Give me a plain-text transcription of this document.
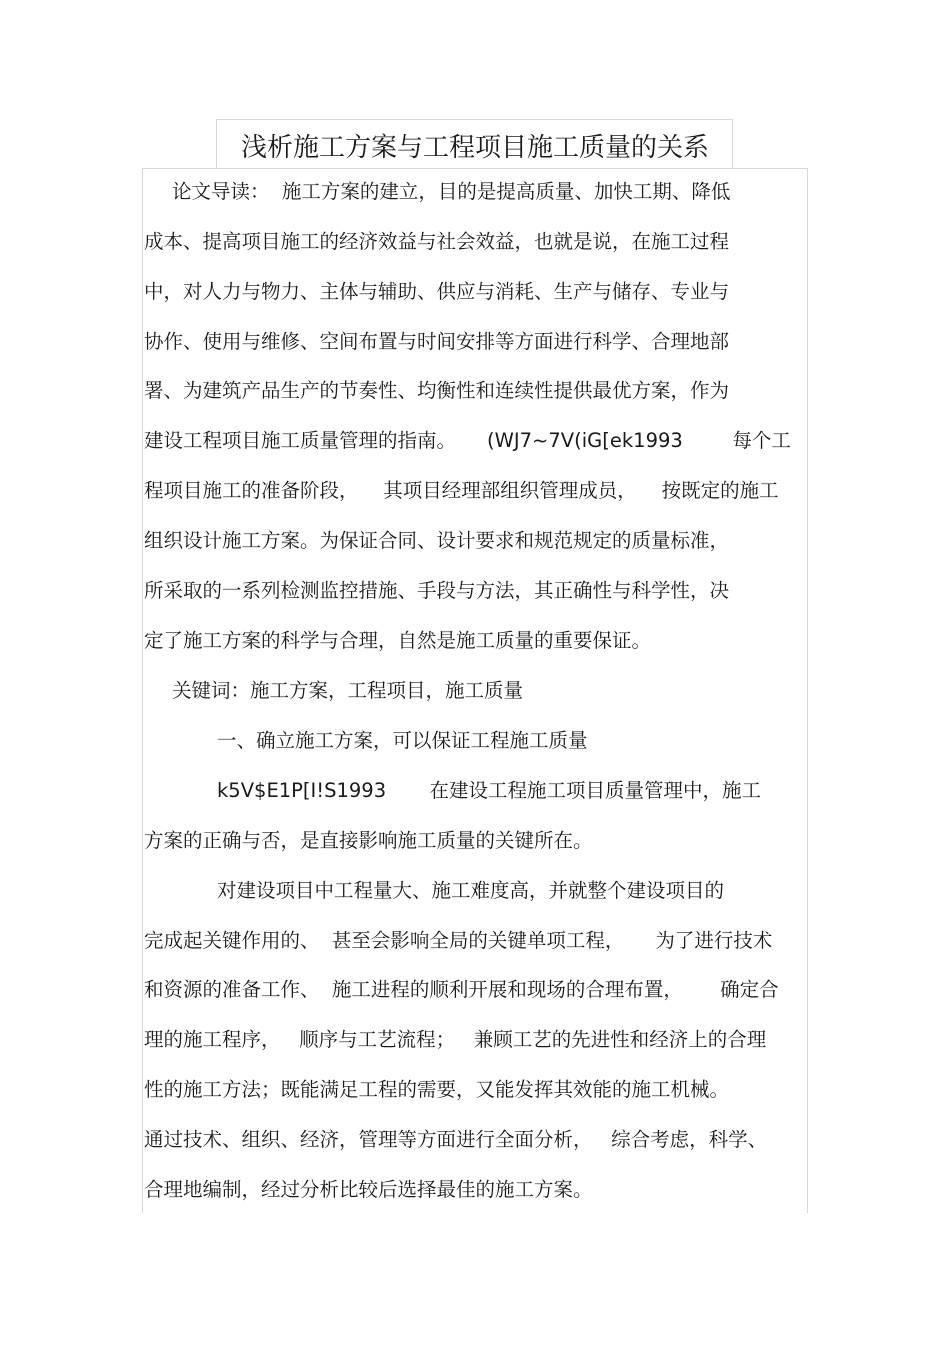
浅析施工方案与工程项目施工质量的关系
论文导读：  施工方案的建立，目的是提高质量、加快工期、降低
成本、提高项目施工的经济效益与社会效益，也就是说，在施工过程
中，对人力与物力、主体与辅助、供应与消耗、生产与储存、专业与
协作、使用与维修、空间布置与时间安排等方面进行科学、合理地部
署、为建筑产品生产的节奏性、均衡性和连续性提供最优方案，作为
建设工程项目施工质量管理的指南。     (WJ7~7V(iG[ek1993        每个工
程项目施工的准备阶段，    其项目经理部组织管理成员，    按既定的施工
组织设计施工方案。为保证合同、设计要求和规范规定的质量标准，
所采取的一系列检测监控措施、手段与方法，其正确性与科学性，决
定了施工方案的科学与合理，自然是施工质量的重要保证。
关键词：施工方案，工程项目，施工质量
一、确立施工方案，可以保证工程施工质量
k5V$E1P[I!S1993       在建设工程施工项目质量管理中，施工
方案的正确与否，是直接影响施工质量的关键所在。
对建设项目中工程量大、施工难度高，并就整个建设项目的
完成起关键作用的、  甚至会影响全局的关键单项工程，     为了进行技术
和资源的准备工作、  施工进程的顺利开展和现场的合理布置，      确定合
理的施工程序，   顺序与工艺流程；   兼顾工艺的先进性和经济上的合理
性的施工方法；既能满足工程的需要，又能发挥其效能的施工机械。
通过技术、组织、经济，管理等方面进行全面分析，   综合考虑，科学、
合理地编制，经过分析比较后选择最佳的施工方案。
